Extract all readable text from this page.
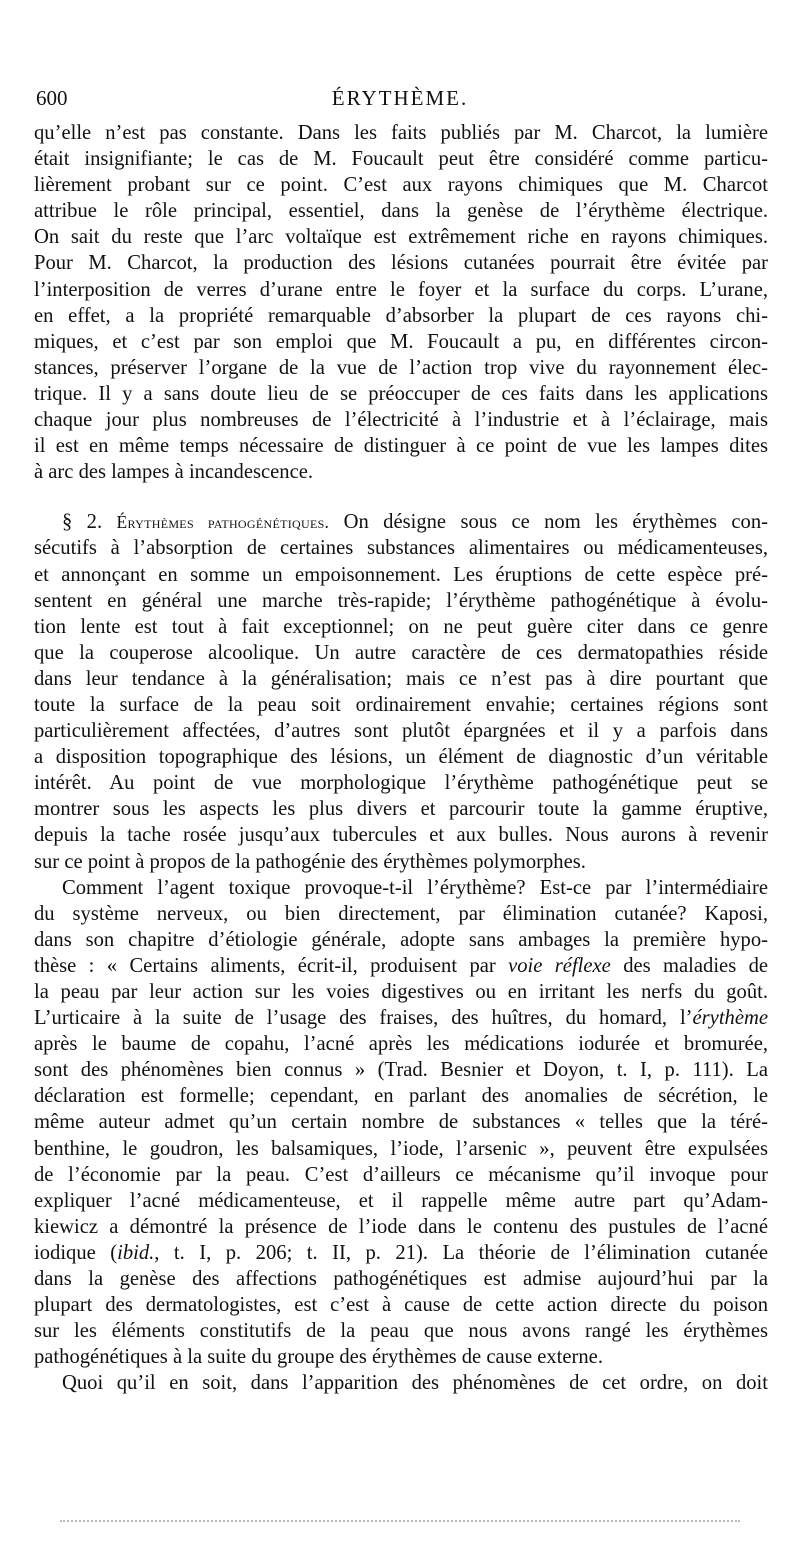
600	ÉRYTHÈME.
qu’elle n’est pas constante. Dans les faits publiés par M. Charcot, la lumière
était insignifiante; le cas de M. Foucault peut être considéré comme particu-
lièrement probant sur ce point. C’est aux rayons chimiques que M. Charcot
attribue le rôle principal, essentiel, dans la genèse de l’érythème électrique.
On sait du reste que l’arc voltaïque est extrêmement riche en rayons chimiques.
Pour M. Charcot, la production des lésions cutanées pourrait être évitée par
l’interposition de verres d’urane entre le foyer et la surface du corps. L’urane,
en effet, a la propriété remarquable d’absorber la plupart de ces rayons chi-
miques, et c’est par son emploi que M. Foucault a pu, en différentes circon-
stances, préserver l’organe de la vue de l’action trop vive du rayonnement élec-
trique. Il y a sans doute lieu de se préoccuper de ces faits dans les applications
chaque jour plus nombreuses de l’électricité à l’industrie et à l’éclairage, mais
il est en même temps nécessaire de distinguer à ce point de vue les lampes dites
à arc des lampes à incandescence.
§ 2. Érythèmes pathogénétiques. On désigne sous ce nom les érythèmes con-
sécutifs à l’absorption de certaines substances alimentaires ou médicamenteuses,
et annonçant en somme un empoisonnement. Les éruptions de cette espèce pré-
sentent en général une marche très-rapide; l’érythème pathogénétique à évolu-
tion lente est tout à fait exceptionnel; on ne peut guère citer dans ce genre
que la couperose alcoolique. Un autre caractère de ces dermatopathies réside
dans leur tendance à la généralisation; mais ce n’est pas à dire pourtant que
toute la surface de la peau soit ordinairement envahie; certaines régions sont
particulièrement affectées, d’autres sont plutôt épargnées et il y a parfois dans
a disposition topographique des lésions, un élément de diagnostic d’un véritable
intérêt. Au point de vue morphologique l’érythème pathogénétique peut se
montrer sous les aspects les plus divers et parcourir toute la gamme éruptive,
depuis la tache rosée jusqu’aux tubercules et aux bulles. Nous aurons à revenir
sur ce point à propos de la pathogénie des érythèmes polymorphes.
Comment l’agent toxique provoque-t-il l’érythème? Est-ce par l’intermédiaire
du système nerveux, ou bien directement, par élimination cutanée? Kaposi,
dans son chapitre d’étiologie générale, adopte sans ambages la première hypo-
thèse : « Certains aliments, écrit-il, produisent par voie réflexe des maladies de
la peau par leur action sur les voies digestives ou en irritant les nerfs du goût.
L’urticaire à la suite de l’usage des fraises, des huîtres, du homard, l’érythème
après le baume de copahu, l’acné après les médications iodurée et bromurée,
sont des phénomènes bien connus » (Trad. Besnier et Doyon, t. I, p. 111). La
déclaration est formelle; cependant, en parlant des anomalies de sécrétion, le
même auteur admet qu’un certain nombre de substances « telles que la téré-
benthine, le goudron, les balsamiques, l’iode, l’arsenic », peuvent être expulsées
de l’économie par la peau. C’est d’ailleurs ce mécanisme qu’il invoque pour
expliquer l’acné médicamenteuse, et il rappelle même autre part qu’Adam-
kiewicz a démontré la présence de l’iode dans le contenu des pustules de l’acné
iodique (ibid., t. I, p. 206; t. II, p. 21). La théorie de l’élimination cutanée
dans la genèse des affections pathogénétiques est admise aujourd’hui par la
plupart des dermatologistes, est c’est à cause de cette action directe du poison
sur les éléments constitutifs de la peau que nous avons rangé les érythèmes
pathogénétiques à la suite du groupe des érythèmes de cause externe.
Quoi qu’il en soit, dans l’apparition des phénomènes de cet ordre, on doit
